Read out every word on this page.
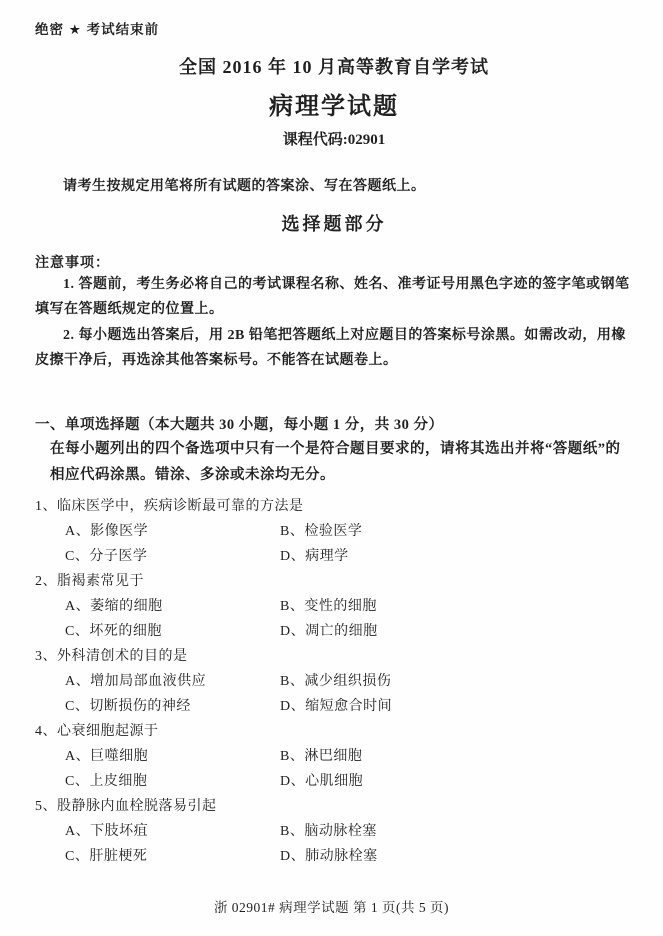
绝密 ★ 考试结束前
全国 2016 年 10 月高等教育自学考试
病理学试题
课程代码:02901
请考生按规定用笔将所有试题的答案涂、写在答题纸上。
选择题部分
注意事项：

1. 答题前，考生务必将自己的考试课程名称、姓名、准考证号用黑色字迹的签字笔或钢笔填写在答题纸规定的位置上。

2. 每小题选出答案后，用 2B 铅笔把答题纸上对应题目的答案标号涂黑。如需改动，用橡皮擦干净后，再选涂其他答案标号。不能答在试题卷上。

一、单项选择题（本大题共 30 小题，每小题 1 分，共 30 分）

在每小题列出的四个备选项中只有一个是符合题目要求的，请将其选出并将“答题纸”的相应代码涂黑。错涂、多涂或未涂均无分。

1、临床医学中，疾病诊断最可靠的方法是
A、影像医学	B、检验医学
C、分子医学	D、病理学
2、脂褐素常见于
A、萎缩的细胞	B、变性的细胞
C、坏死的细胞	D、凋亡的细胞
3、外科清创术的目的是
A、增加局部血液供应	B、减少组织损伤
C、切断损伤的神经	D、缩短愈合时间
4、心衰细胞起源于
A、巨噬细胞	B、淋巴细胞
C、上皮细胞	D、心肌细胞
5、股静脉内血栓脱落易引起
A、下肢坏疽	B、脑动脉栓塞
C、肝脏梗死	D、肺动脉栓塞
浙 02901# 病理学试题 第 1 页(共 5 页)
